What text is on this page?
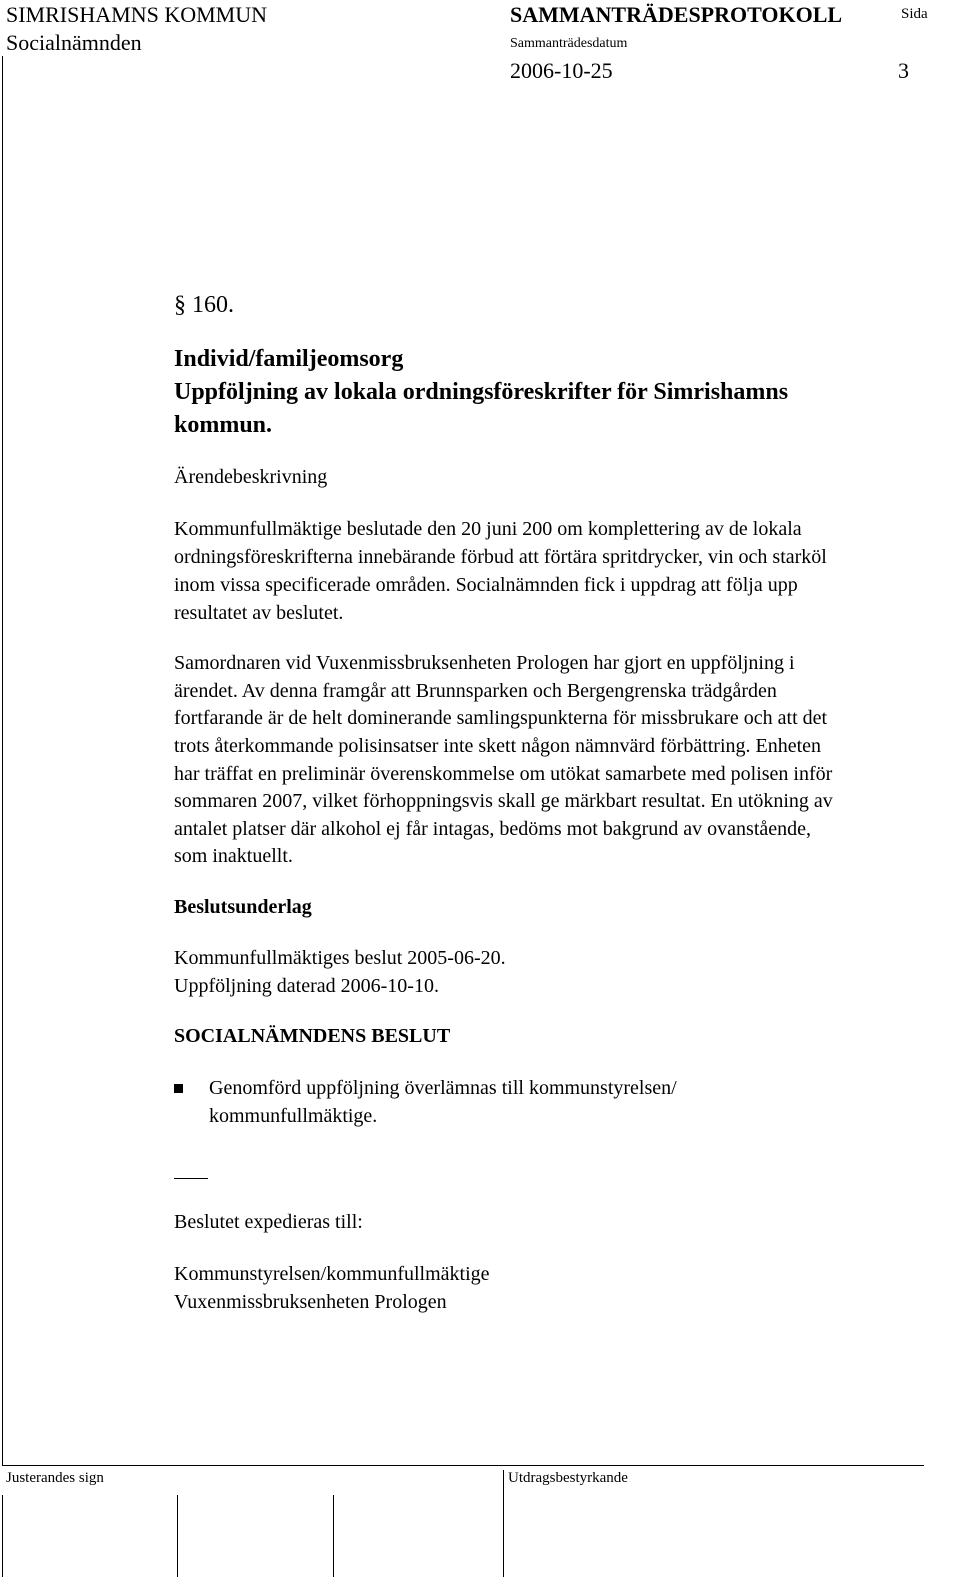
SIMRISHAMNS KOMMUN
Socialnämnden
SAMMANTRÄDESPROTOKOLL	Sida
Sammanträdesdatum
2006-10-25	3
§ 160.
Individ/familjeomsorg
Uppföljning av lokala ordningsföreskrifter för Simrishamns
kommun.
Ärendebeskrivning
Kommunfullmäktige beslutade den 20 juni 200 om komplettering av de lokala
ordningsföreskrifterna innebärande förbud att förtära spritdrycker, vin och starköl
inom vissa specificerade områden. Socialnämnden fick i uppdrag att följa upp
resultatet av beslutet.
Samordnaren vid Vuxenmissbruksenheten Prologen har gjort en uppföljning i
ärendet. Av denna framgår att Brunnsparken och Bergengrenska trädgården
fortfarande är de helt dominerande samlingspunkterna för missbrukare och att det
trots återkommande polisinsatser inte skett någon nämnvärd förbättring. Enheten
har träffat en preliminär överenskommelse om utökat samarbete med polisen inför
sommaren 2007, vilket förhoppningsvis skall ge märkbart resultat. En utökning av
antalet platser där alkohol ej får intagas, bedöms mot bakgrund av ovanstående,
som inaktuellt.
Beslutsunderlag
Kommunfullmäktiges beslut 2005-06-20.
Uppföljning daterad 2006-10-10.
SOCIALNÄMNDENS BESLUT
Genomförd uppföljning överlämnas till kommunstyrelsen/
kommunfullmäktige.
Beslutet expedieras till:
Kommunstyrelsen/kommunfullmäktige
Vuxenmissbruksenheten Prologen
Justerandes sign	Utdragsbestyrkande
